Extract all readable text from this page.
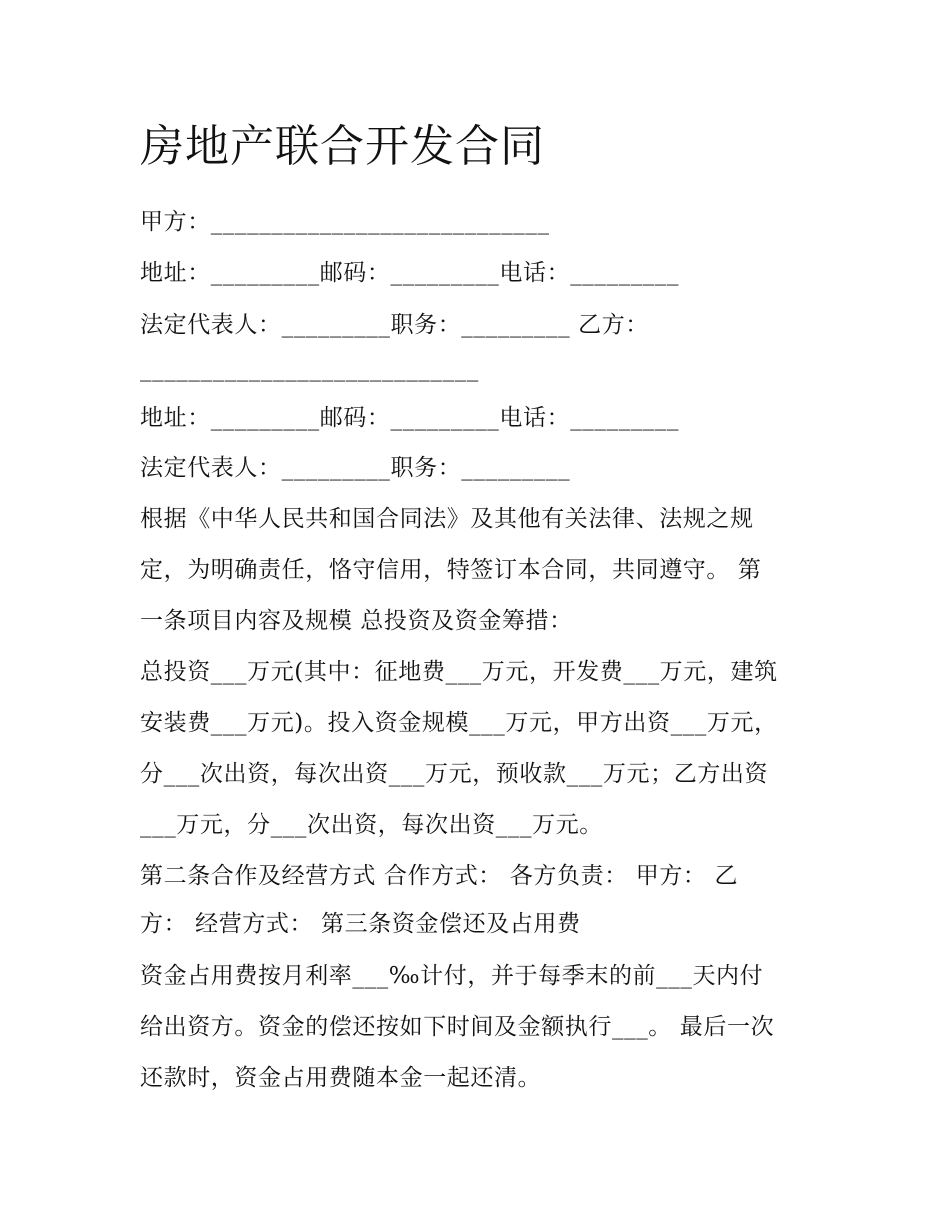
房地产联合开发合同
甲方：____________________________
地址：_________邮码：_________电话：_________
法定代表人：_________职务：_________ 乙方：
____________________________
地址：_________邮码：_________电话：_________
法定代表人：_________职务：_________
根据《中华人民共和国合同法》及其他有关法律、法规之规
定，为明确责任，恪守信用，特签订本合同，共同遵守。 第
一条项目内容及规模 总投资及资金筹措：
总投资___万元(其中：征地费___万元，开发费___万元，建筑
安装费___万元)。投入资金规模___万元，甲方出资___万元，
分___次出资，每次出资___万元，预收款___万元；乙方出资
___万元，分___次出资，每次出资___万元。
第二条合作及经营方式 合作方式： 各方负责： 甲方： 乙
方： 经营方式： 第三条资金偿还及占用费
资金占用费按月利率___‰计付，并于每季末的前___天内付
给出资方。资金的偿还按如下时间及金额执行___。 最后一次
还款时，资金占用费随本金一起还清。
